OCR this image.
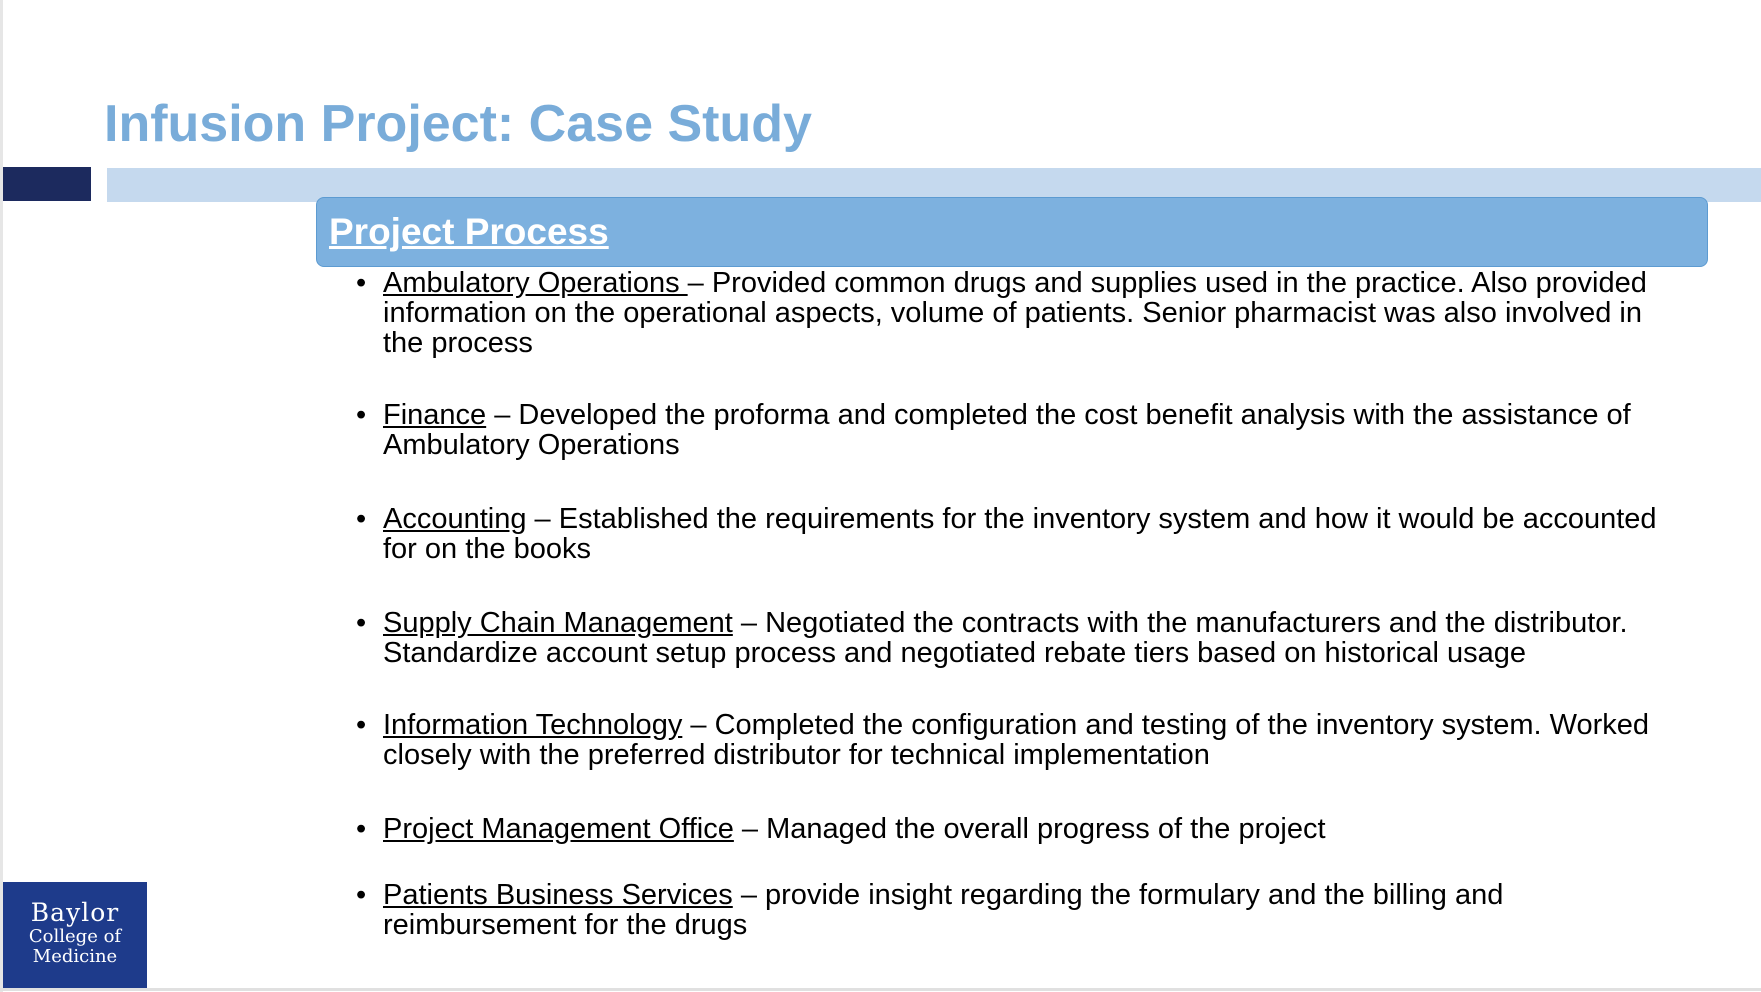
Infusion Project: Case Study
Project Process
• Ambulatory Operations – Provided common drugs and supplies used in the practice. Also provided information on the operational aspects, volume of patients. Senior pharmacist was also involved in the process
• Finance – Developed the proforma and completed the cost benefit analysis with the assistance of Ambulatory Operations
• Accounting – Established the requirements for the inventory system and how it would be accounted for on the books
• Supply Chain Management – Negotiated the contracts with the manufacturers and the distributor. Standardize account setup process and negotiated rebate tiers based on historical usage
• Information Technology – Completed the configuration and testing of the inventory system. Worked closely with the preferred distributor for technical implementation
• Project Management Office – Managed the overall progress of the project
• Patients Business Services – provide insight regarding the formulary and the billing and reimbursement for the drugs
Baylor
College of
Medicine
